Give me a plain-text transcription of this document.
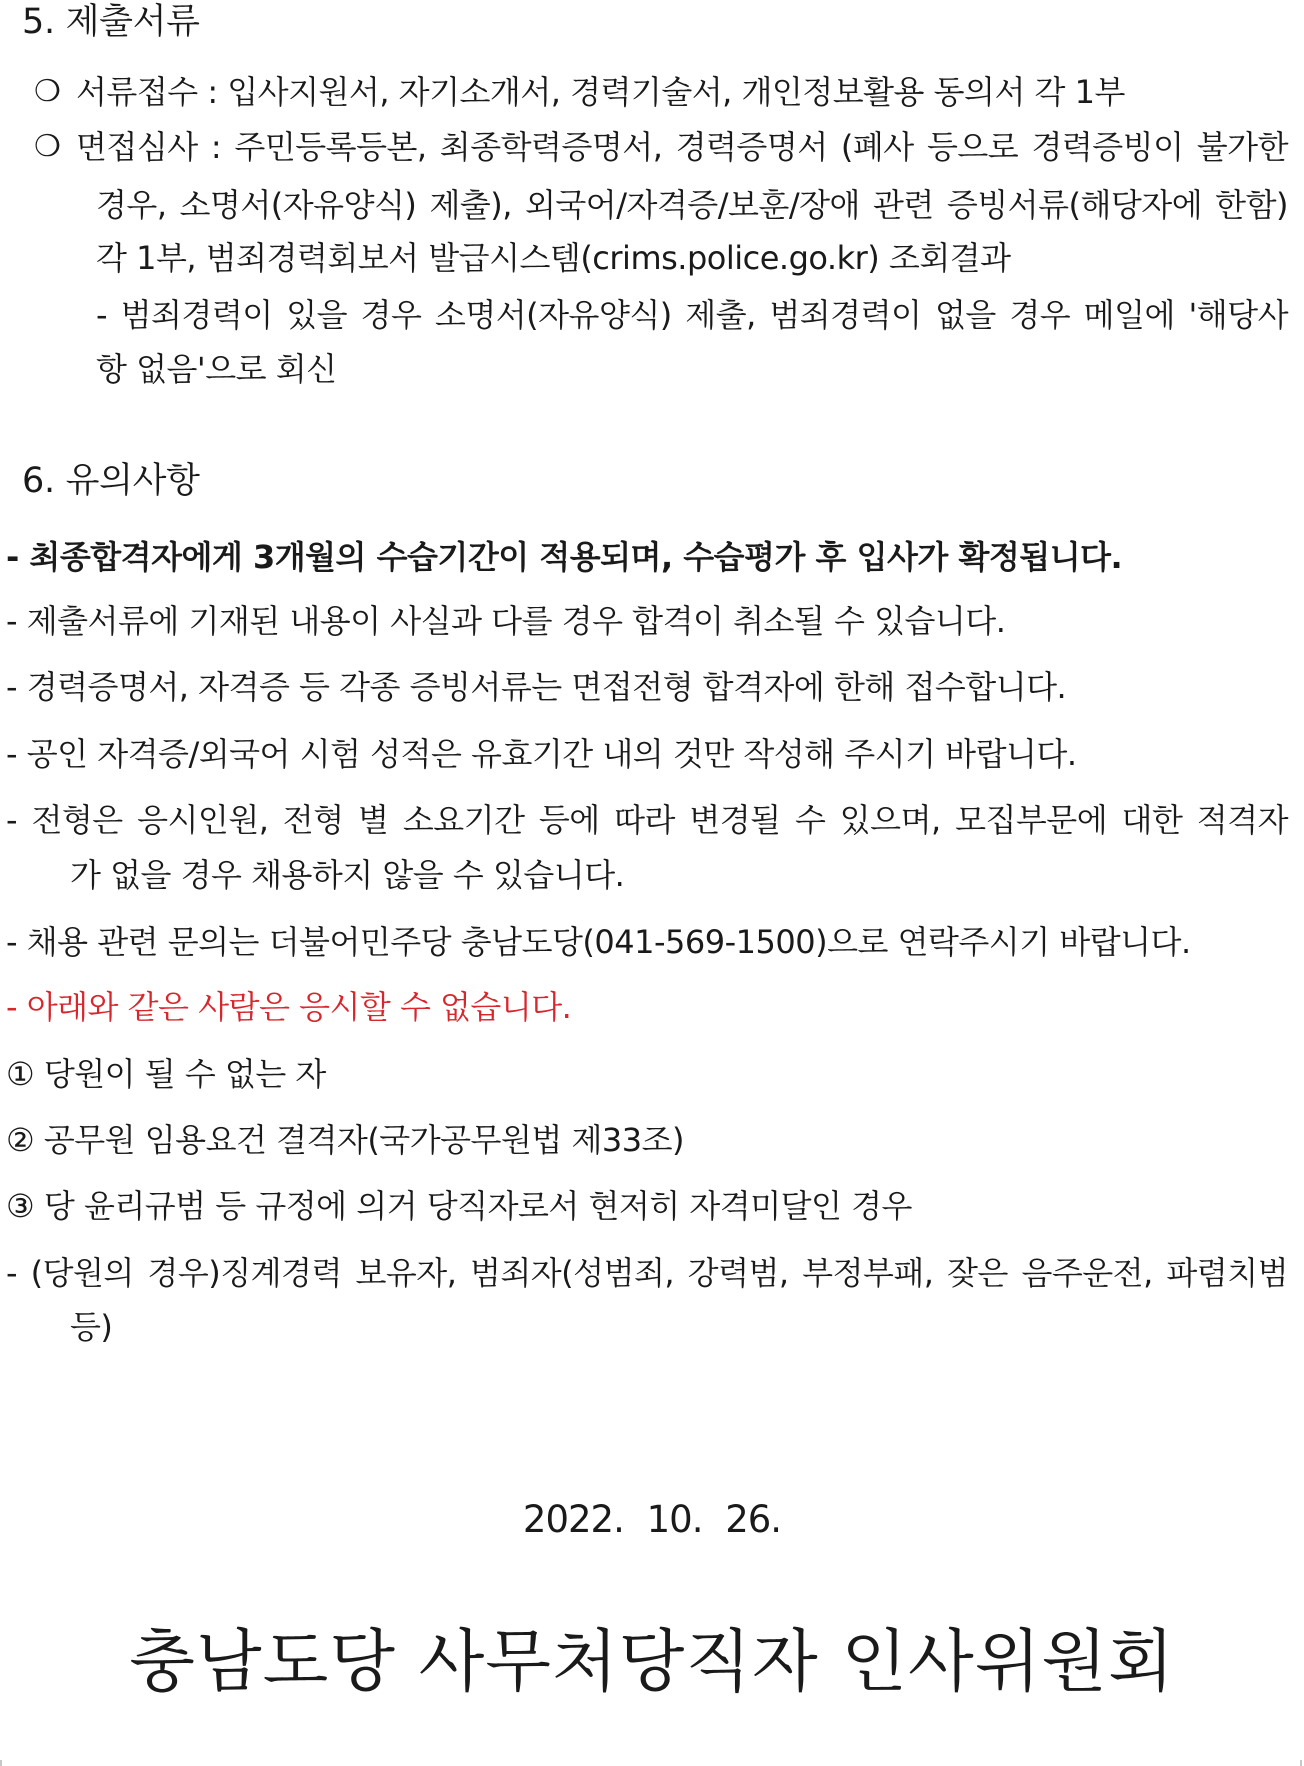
5. 제출서류
❍ 서류접수 : 입사지원서, 자기소개서, 경력기술서, 개인정보활용 동의서 각 1부
❍ 면접심사 : 주민등록등본, 최종학력증명서, 경력증명서 (폐사 등으로 경력증빙이 불가한
경우, 소명서(자유양식) 제출), 외국어/자격증/보훈/장애 관련 증빙서류(해당자에 한함)
각 1부, 범죄경력회보서 발급시스템(crims.police.go.kr) 조회결과
- 범죄경력이 있을 경우 소명서(자유양식) 제출, 범죄경력이 없을 경우 메일에 '해당사
항 없음'으로 회신
6. 유의사항
- 최종합격자에게 3개월의 수습기간이 적용되며, 수습평가 후 입사가 확정됩니다.
- 제출서류에 기재된 내용이 사실과 다를 경우 합격이 취소될 수 있습니다.
- 경력증명서, 자격증 등 각종 증빙서류는 면접전형 합격자에 한해 접수합니다.
- 공인 자격증/외국어 시험 성적은 유효기간 내의 것만 작성해 주시기 바랍니다.
- 전형은 응시인원, 전형 별 소요기간 등에 따라 변경될 수 있으며, 모집부문에 대한 적격자
가 없을 경우 채용하지 않을 수 있습니다.
- 채용 관련 문의는 더불어민주당 충남도당(041-569-1500)으로 연락주시기 바랍니다.
- 아래와 같은 사람은 응시할 수 없습니다.
① 당원이 될 수 없는 자
② 공무원 임용요건 결격자(국가공무원법 제33조)
③ 당 윤리규범 등 규정에 의거 당직자로서 현저히 자격미달인 경우
- (당원의 경우)징계경력 보유자, 범죄자(성범죄, 강력범, 부정부패, 잦은 음주운전, 파렴치범
등)
2022. 10. 26.
충남도당 사무처당직자 인사위원회
